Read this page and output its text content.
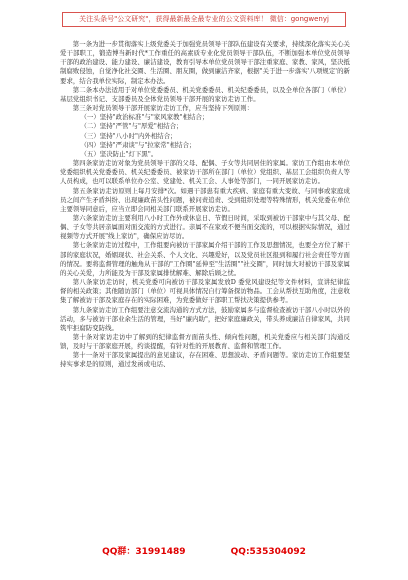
关注头条号"公文研究"，获得最新最全最专业的公文资料库！ 微信：gongwenyj

第一条为进一步贯彻落实上级党委关于加强党员领导干部队伍建设有关要求，持续深化落实关心关爱干部职工，锻造博当新时代*工作重任的高素质专业化党员领导干部队伍，不断加强本单位党员领导干部的政治建设、能力建设、廉洁建设，教育引导本单位党员领导干部注重家庭、家教、家风，坚决抵制腐败侵蚀，自觉净化社交圈、生活圈、朋友圈，做到廉洁齐家，根据"关于进一步落实'八项规定'的新要求，结合我单位实际，制定本办法。

第二条本办法适用于对单位党委委员、机关党委委员、机关纪委委员，以及全单位各部门（单位）基层党组织书记、支部委员及全体党员领导干部开展的家访走访工作。

第三条对党员领导干部开展家访走访工作，应当坚持下列原则：

（一）坚持"政治标准"与"家风家教"相结合；

（二）坚持"严管"与"厚爱"相结合；

（三）坚持"八小时"内外相结合；

（四）坚持"严肃谈"与"拉家常"相结合；

（五）坚决防止"灯下黑"。

第四条家访走访对象为党员领导干部的父母、配偶、子女等共同居住的家属。家访工作组由本单位党委组织机关党委委员、机关纪委委员、被家访干部所在部门（单位）党组织、基层工会组织负责人等人员构成，也可以联系单位办公室、党建处、机关工会、人事处等部门，一同开展家访走访。

第五条家访走访原则上每月安排*次。如遇干部患有重大疾病、家庭有重大变故、与同事或家庭成员之间产生矛盾纠纷、出现廉政苗头性问题，被问责追责、受到组织处理等特殊情形，机关党委在单位主要领导同意后，应当立即会同相关部门联系开展家访走访。

第六条家访走访主要利用八小时工作外或休息日、节假日时间，采取到被访干部家中与其父母、配偶、子女等共居亲属面对面交流的方式进行。亲属不在家或不便当面交流的，可以根据实际情况，通过视频等方式开展"线上家访"，确保应访尽访。

第七条家访走访过程中，工作组要向被访干部家属介绍干部的工作及思想情况，也要全方位了解干部的家庭状况，婚姻现状、社会关系、个人文化、兴趣爱好，以及党员社区报到和履行社会责任等方面的情况。要将监督管理的触角从干部的"工作圈"延伸至"生活圈""社交圈"，同时加大对被访干部及家属的关心关爱，力所能及为干部及家属排忧解难、解除后顾之忧。

第八条家访走访时，机关党委可向被访干部及家属发放D 委党风建设纪等文件材料，宣讲纪律监督的相关政策；其他随访部门（单位）可视具体情况自行筹备探访物品。工会从帮扶互助角度，注意收集了解被访干部及家庭存在的实际困难，为党委做好干部职工帮扶决策提供参考。

第九条家访走访工作组要注意交流沟通的方式方法，鼓励家属多与监督检查被访干部八小时以外的活动，多与被访干部业余生活的管理，当好"廉内助"，把好家庭廉政关，带头养成廉洁自律家风，共同筑牢拒腐防变防线。

第十条对家访走访中了解到的纪律监督方面苗头性、倾向性问题，机关党委应与相关部门沟通反馈，及时与干部家庭开展，约谈提醒，有针对性的开展教育、监督和管理工作。

第十一条对干部及家属提出的意见建议，存在困难、思想波动、矛盾问题等。家访走访工作组要坚持实事求是的原则，通过发函或电话、

QQ群：31991489	QQ:535304092
